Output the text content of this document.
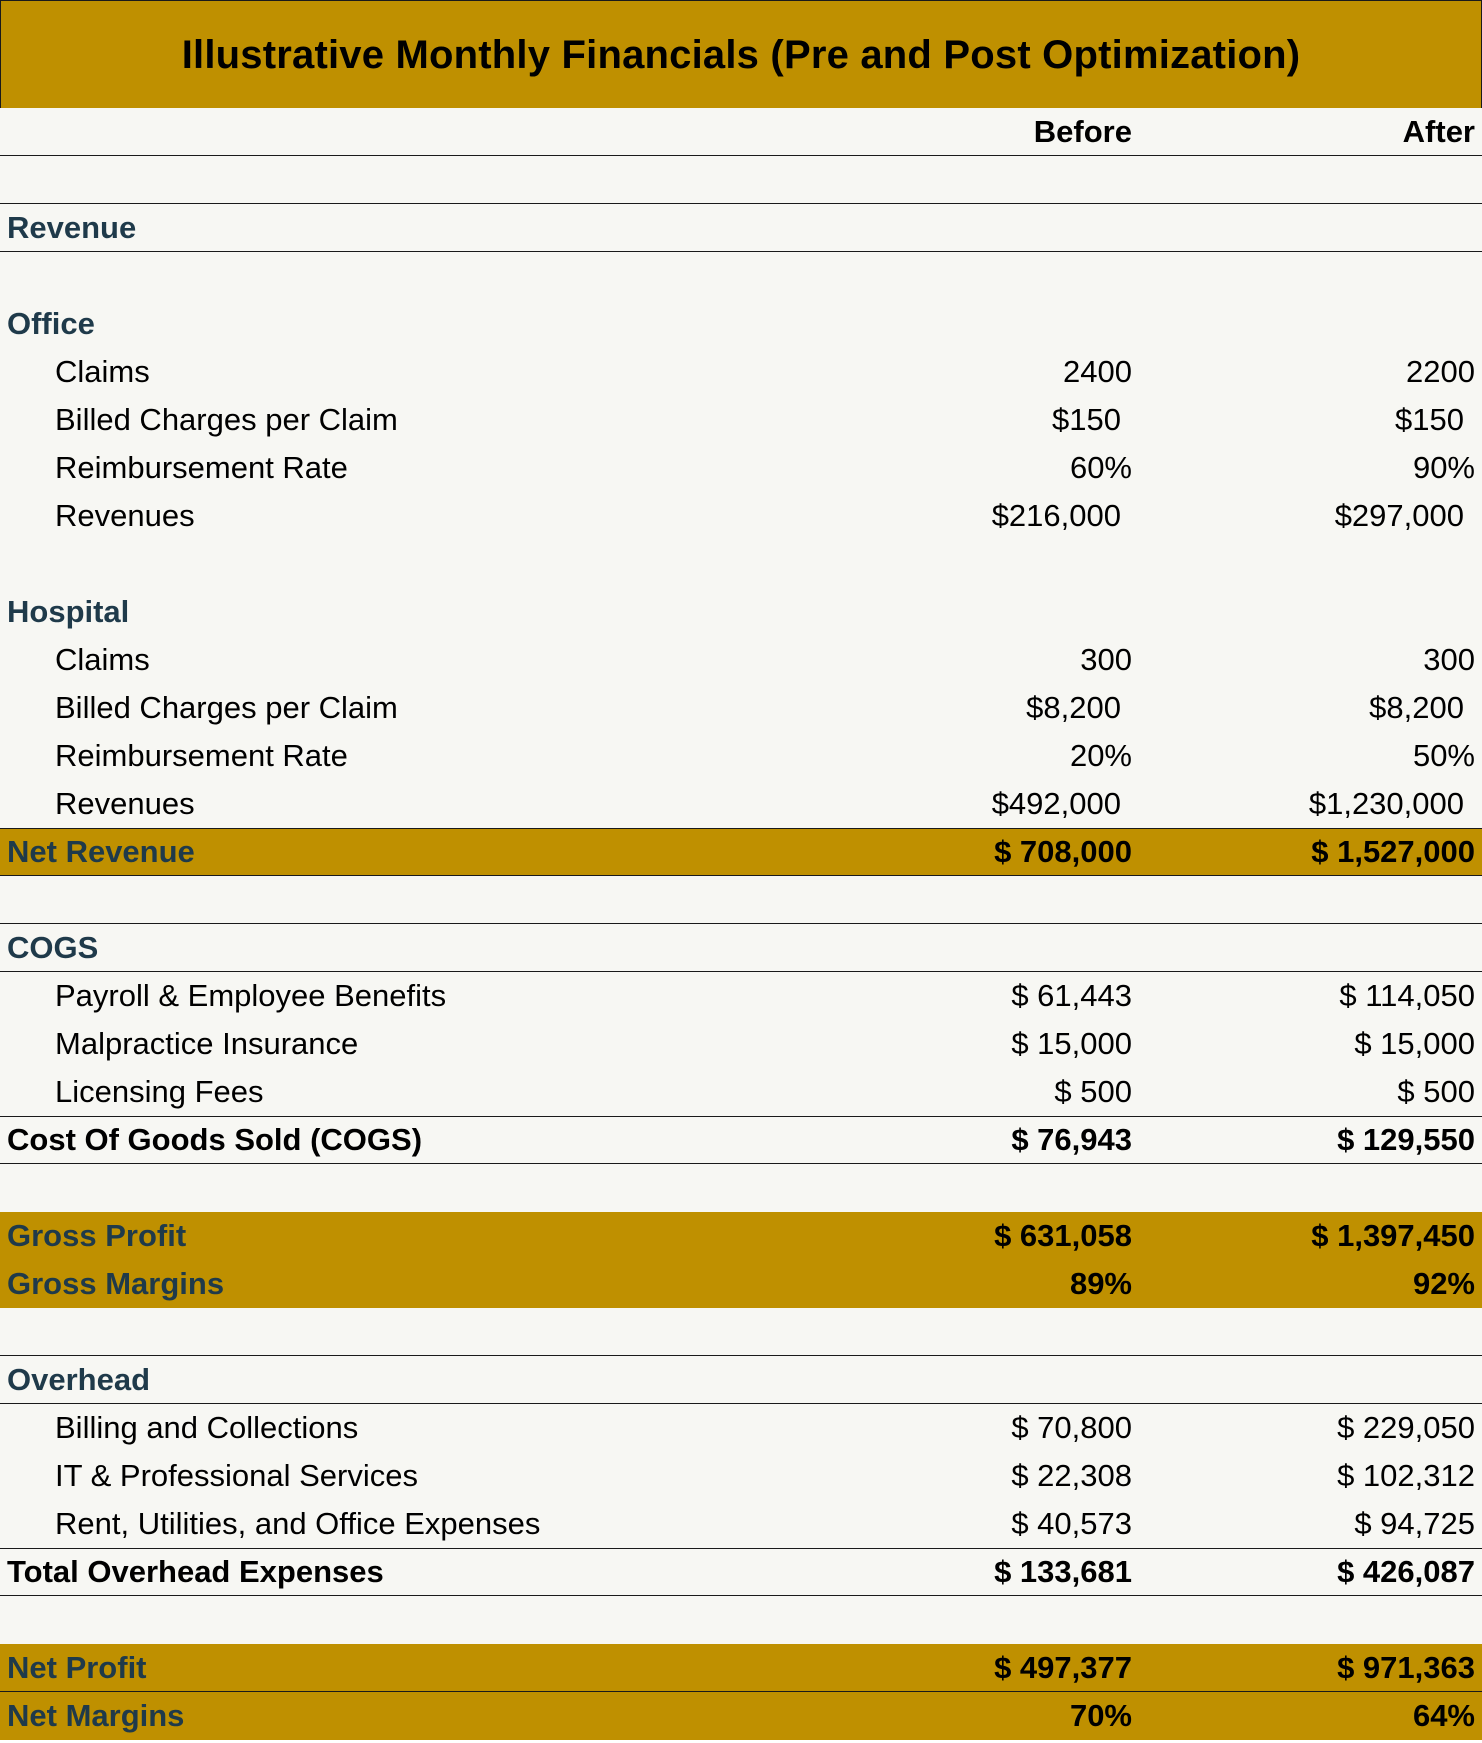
Illustrative Monthly Financials (Pre and Post Optimization)
Before	After
Revenue
Office
Claims	2400	2200
Billed Charges per Claim	$150	$150
Reimbursement Rate	60%	90%
Revenues	$216,000	$297,000
Hospital
Claims	300	300
Billed Charges per Claim	$8,200	$8,200
Reimbursement Rate	20%	50%
Revenues	$492,000	$1,230,000
Net Revenue	$ 708,000	$ 1,527,000
COGS
Payroll & Employee Benefits	$ 61,443	$ 114,050
Malpractice Insurance	$ 15,000	$ 15,000
Licensing Fees	$ 500	$ 500
Cost Of Goods Sold (COGS)	$ 76,943	$ 129,550
Gross Profit	$ 631,058	$ 1,397,450
Gross Margins	89%	92%
Overhead
Billing and Collections	$ 70,800	$ 229,050
IT & Professional Services	$ 22,308	$ 102,312
Rent, Utilities, and Office Expenses	$ 40,573	$ 94,725
Total Overhead Expenses	$ 133,681	$ 426,087
Net Profit	$ 497,377	$ 971,363
Net Margins	70%	64%
